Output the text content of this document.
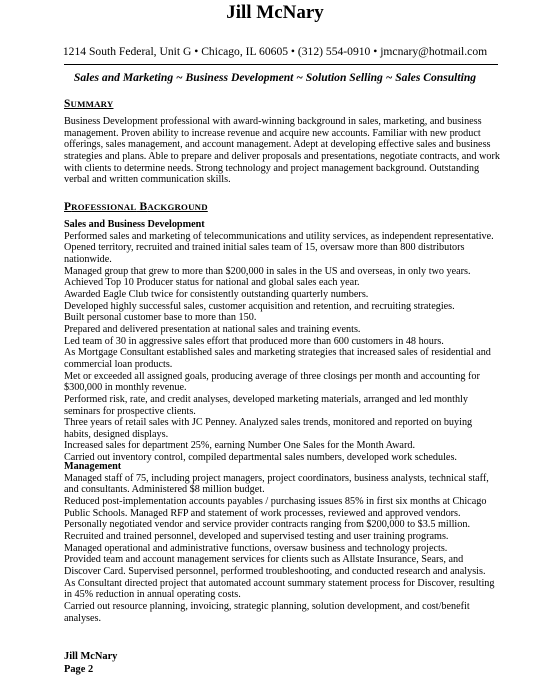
Jill McNary
1214 South Federal, Unit G • Chicago, IL 60605 • (312) 554-0910 • jmcnary@hotmail.com
Sales and Marketing ~ Business Development ~ Solution Selling ~ Sales Consulting
SUMMARY

Business Development professional with award-winning background in sales, marketing, and business management. Proven ability to increase revenue and acquire new accounts. Familiar with new product offerings, sales management, and account management. Adept at developing effective sales and business strategies and plans. Able to prepare and deliver proposals and presentations, negotiate contracts, and work with clients to determine needs. Strong technology and project management background. Outstanding verbal and written communication skills.

PROFESSIONAL BACKGROUND

Sales and Business Development

Performed sales and marketing of telecommunications and utility services, as independent representative. Opened territory, recruited and trained initial sales team of 15, oversaw more than 800 distributors nationwide.

Managed group that grew to more than $200,000 in sales in the US and overseas, in only two years.

Achieved Top 10 Producer status for national and global sales each year.

Awarded Eagle Club twice for consistently outstanding quarterly numbers.

Developed highly successful sales, customer acquisition and retention, and recruiting strategies.

Built personal customer base to more than 150.

Prepared and delivered presentation at national sales and training events.

Led team of 30 in aggressive sales effort that produced more than 600 customers in 48 hours.

As Mortgage Consultant established sales and marketing strategies that increased sales of residential and commercial loan products.

Met or exceeded all assigned goals, producing average of three closings per month and accounting for $300,000 in monthly revenue.

Performed risk, rate, and credit analyses, developed marketing materials, arranged and led monthly seminars for prospective clients.

Three years of retail sales with JC Penney. Analyzed sales trends, monitored and reported on buying habits, designed displays.

Increased sales for department 25%, earning Number One Sales for the Month Award.

Carried out inventory control, compiled departmental sales numbers, developed work schedules.

Management

Managed staff of 75, including project managers, project coordinators, business analysts, technical staff, and consultants. Administered $8 million budget.

Reduced post-implementation accounts payables / purchasing issues 85% in first six months at Chicago Public Schools. Managed RFP and statement of work processes, reviewed and approved vendors.

Personally negotiated vendor and service provider contracts ranging from $200,000 to $3.5 million.

Recruited and trained personnel, developed and supervised testing and user training programs.

Managed operational and administrative functions, oversaw business and technology projects.

Provided team and account management services for clients such as Allstate Insurance, Sears, and Discover Card. Supervised personnel, performed troubleshooting, and conducted research and analysis.

As Consultant directed project that automated account summary statement process for Discover, resulting in 45% reduction in annual operating costs.

Carried out resource planning, invoicing, strategic planning, solution development, and cost/benefit analyses.

Jill McNary
Page 2
